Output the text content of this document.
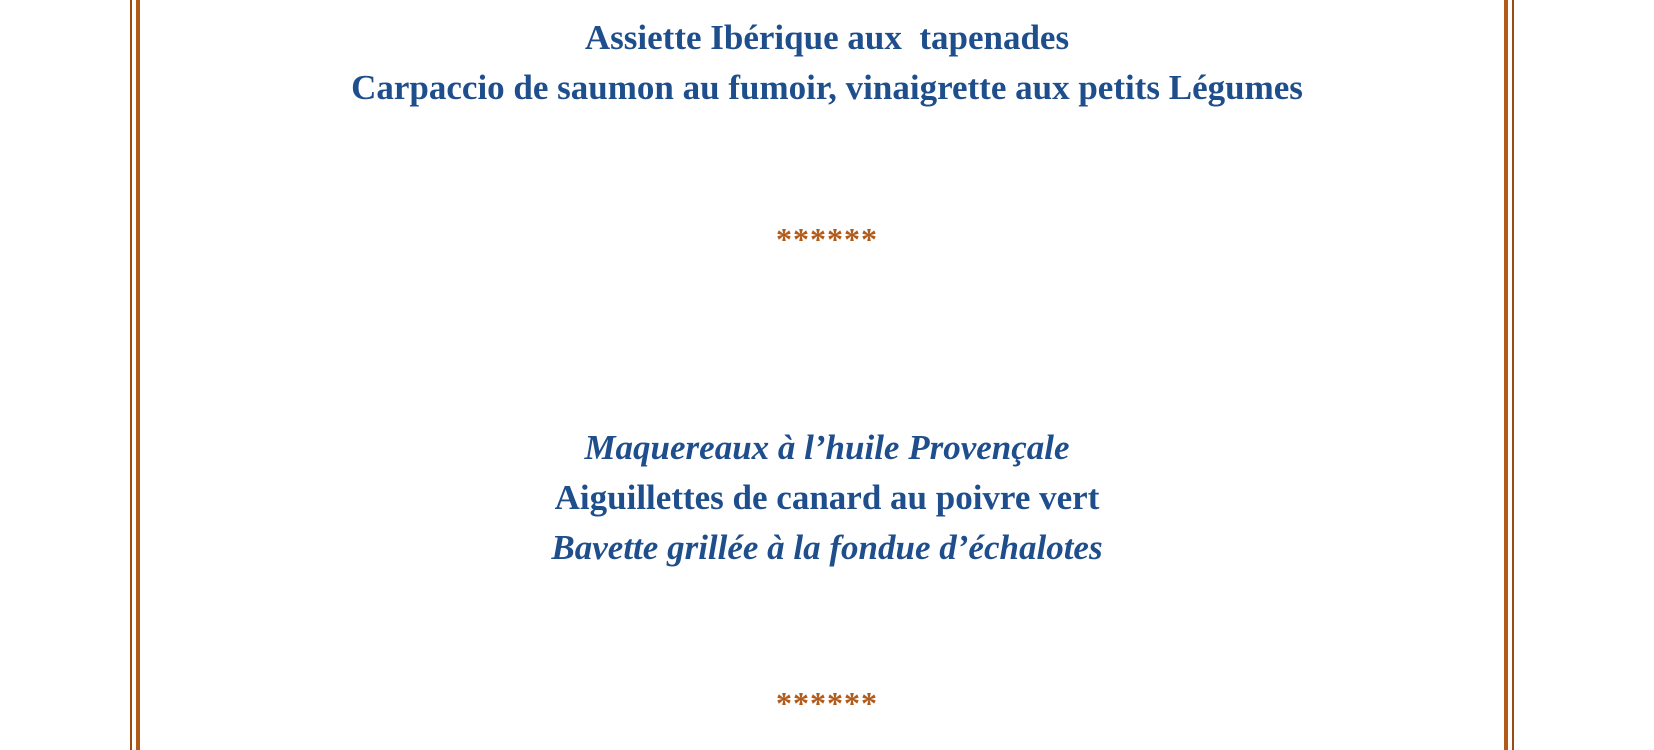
Assiette Ibérique aux  tapenades
Carpaccio de saumon au fumoir, vinaigrette aux petits Légumes
******
Maquereaux à l’huile Provençale
Aiguillettes de canard au poivre vert
Bavette grillée à la fondue d’échalotes
******
